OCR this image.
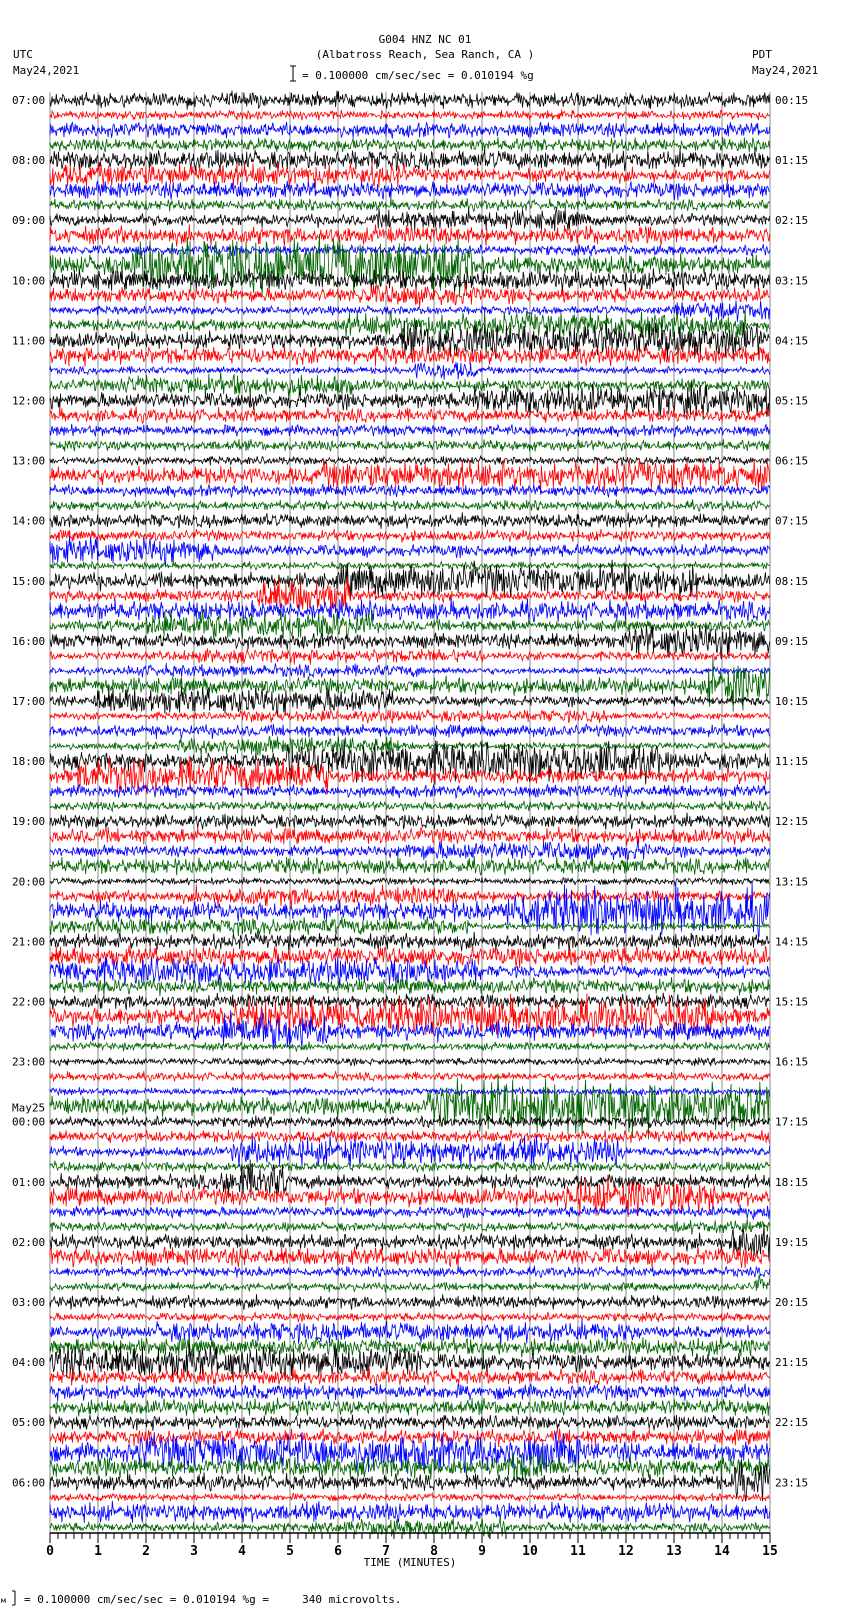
G004 HNZ NC 01
(Albatross Reach, Sea Ranch, CA )
UTC
May24,2021
PDT
May24,2021
= 0.100000 cm/sec/sec = 0.010194 %g
07:00
08:00
09:00
10:00
11:00
12:00
13:00
14:00
15:00
16:00
17:00
18:00
19:00
20:00
21:00
22:00
23:00
00:00
May25
01:00
02:00
03:00
04:00
05:00
06:00
00:15
01:15
02:15
03:15
04:15
05:15
06:15
07:15
08:15
09:15
10:15
11:15
12:15
13:15
14:15
15:15
16:15
17:15
18:15
19:15
20:15
21:15
22:15
23:15
0	1	2	3	4	5	6	7	8	9	10 11 12 13 14 15
TIME (MINUTES)
м = 0.100000 cm/sec/sec = 0.010194 %g =     340 microvolts.
